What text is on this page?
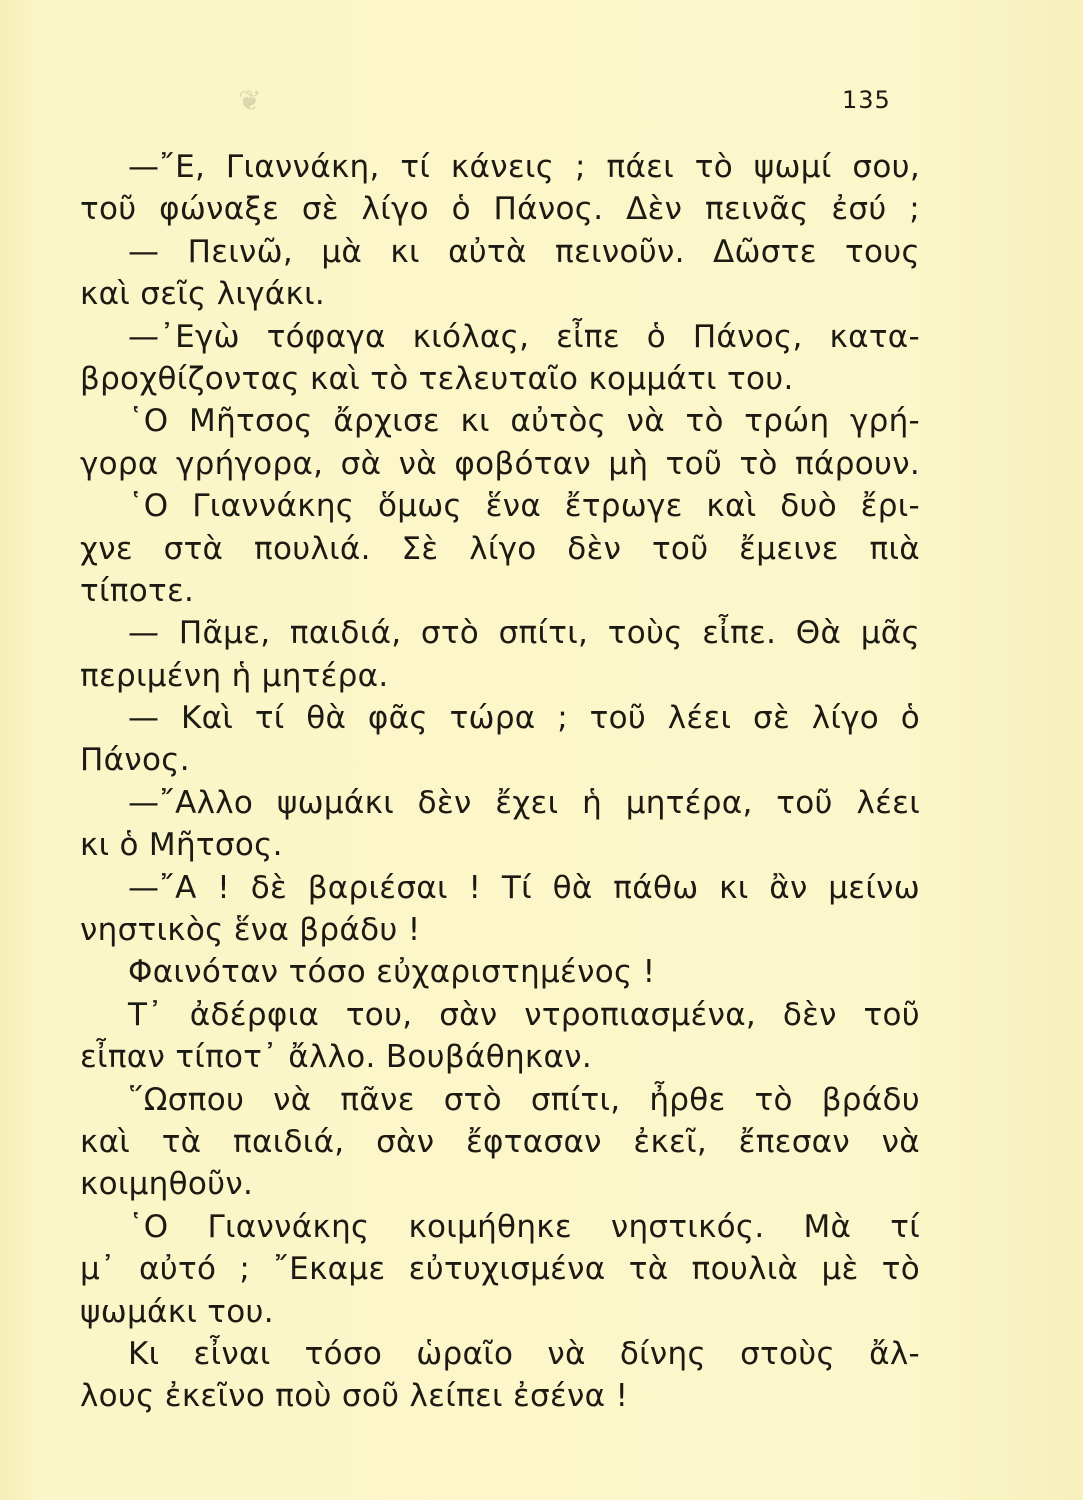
❦	135
—῎Ε, Γιαννάκη, τί κάνεις ; πάει τὸ ψωμί σου,
τοῦ φώναξε σὲ λίγο ὁ Πάνος. Δὲν πεινᾶς ἐσύ ;
— Πεινῶ, μὰ κι αὐτὰ πεινοῦν. Δῶστε τους
καὶ σεῖς λιγάκι.
—᾿Εγὼ τόφαγα κιόλας, εἶπε ὁ Πάνος, κατα-
βροχθίζοντας καὶ τὸ τελευταῖο κομμάτι του.
῾Ο Μῆτσος ἄρχισε κι αὐτὸς νὰ τὸ τρώη γρή-
γορα γρήγορα, σὰ νὰ φοβόταν μὴ τοῦ τὸ πάρουν.
῾Ο Γιαννάκης ὅμως ἕνα ἔτρωγε καὶ δυὸ ἔρι-
χνε στὰ πουλιά. Σὲ λίγο δὲν τοῦ ἔμεινε πιὰ
τίποτε.
— Πᾶμε, παιδιά, στὸ σπίτι, τοὺς εἶπε. Θὰ μᾶς
περιμένη ἡ μητέρα.
— Καὶ τί θὰ φᾶς τώρα ; τοῦ λέει σὲ λίγο ὁ
Πάνος.
—῎Αλλο ψωμάκι δὲν ἔχει ἡ μητέρα, τοῦ λέει
κι ὁ Μῆτσος.
—῎Α ! δὲ βαριέσαι ! Τί θὰ πάθω κι ἂν μείνω
νηστικὸς ἕνα βράδυ !
Φαινόταν τόσο εὐχαριστημένος !
Τ᾿ ἀδέρφια του, σὰν ντροπιασμένα, δὲν τοῦ
εἶπαν τίποτ᾿ ἄλλο. Βουβάθηκαν.
῞Ωσπου νὰ πᾶνε στὸ σπίτι, ἦρθε τὸ βράδυ
καὶ τὰ παιδιά, σὰν ἔφτασαν ἐκεῖ, ἔπεσαν νὰ
κοιμηθοῦν.
῾Ο Γιαννάκης κοιμήθηκε νηστικός. Μὰ τί
μ᾿ αὐτό ; ῎Εκαμε εὐτυχισμένα τὰ πουλιὰ μὲ τὸ
ψωμάκι του.
Κι εἶναι τόσο ὡραῖο νὰ δίνης στοὺς ἄλ-
λους ἐκεῖνο ποὺ σοῦ λείπει ἐσένα !
